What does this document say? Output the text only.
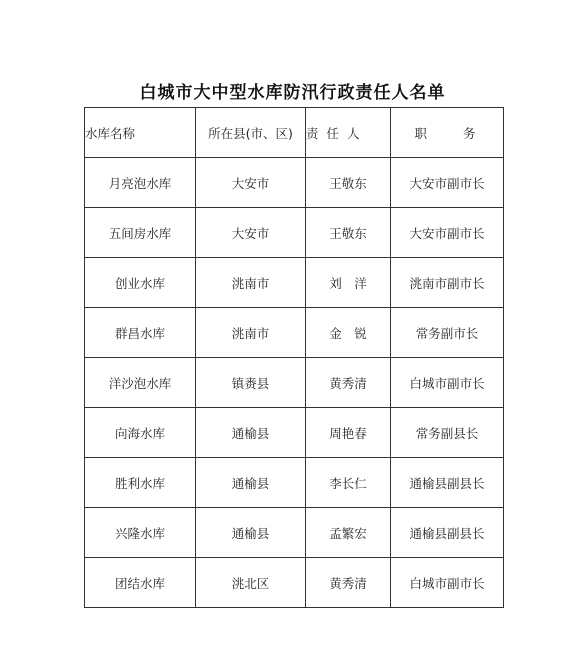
白城市大中型水库防汛行政责任人名单
水库名称	所在县(市、区)	责 任 人	职    务
月亮泡水库	大安市	王敬东	大安市副市长
五间房水库	大安市	王敬东	大安市副市长
创业水库	洮南市	刘　洋	洮南市副市长
群昌水库	洮南市	金　锐	常务副市长
洋沙泡水库	镇赉县	黄秀清	白城市副市长
向海水库	通榆县	周艳春	常务副县长
胜利水库	通榆县	李长仁	通榆县副县长
兴隆水库	通榆县	孟繁宏	通榆县副县长
团结水库	洮北区	黄秀清	白城市副市长
